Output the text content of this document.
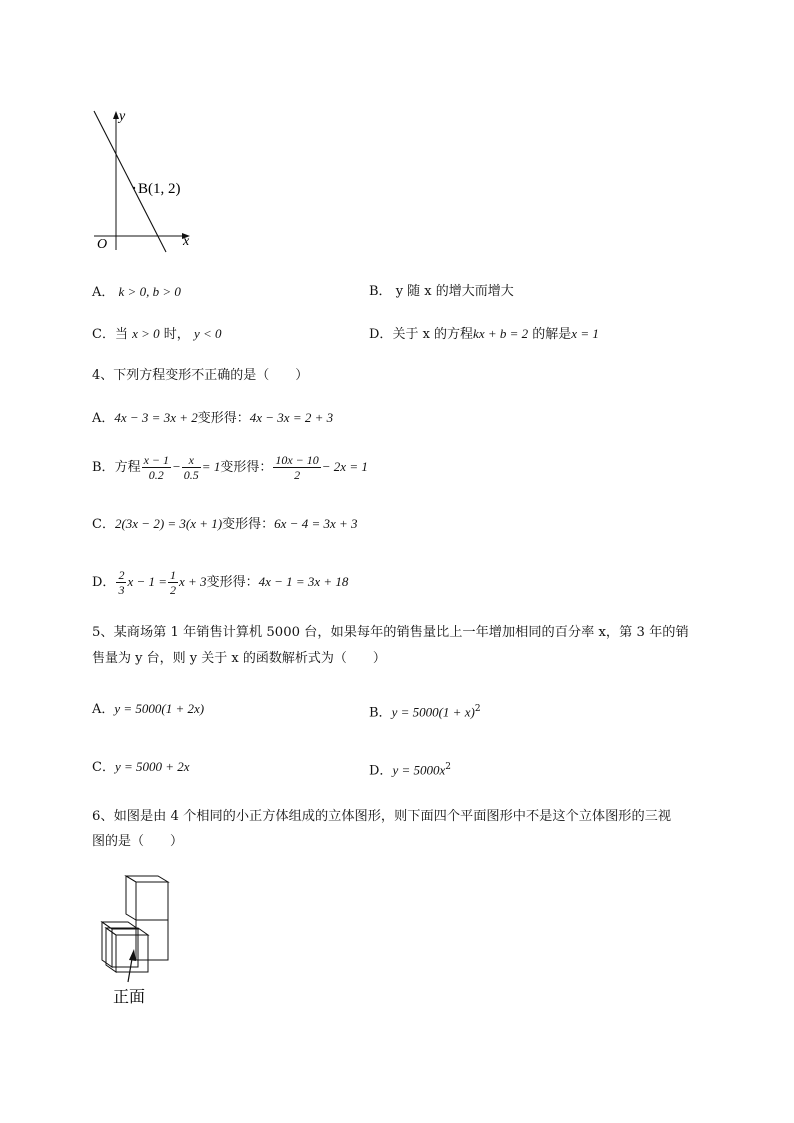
x
y
O
B(1, 2)
A． k > 0, b > 0	B． y 随 x 的增大而增大
C．当 x > 0 时， y < 0	D．关于 x 的方程kx + b = 2 的解是x = 1
4、下列方程变形不正确的是（　　）
A．4x − 3 = 3x + 2变形得：4x − 3x = 2 + 3
B．方程 $\frac{x - 1}{0.2} - \frac{x}{0.5} = 1$变形得： $\frac{10x - 10}{2} - 2x = 1$
C．2(3x − 2) = 3(x + 1)变形得：6x − 4 = 3x + 3
D． $\frac{2}{3}$ $x - 1 = \frac{1}{2}$ x + 3变形得：4x − 1 = 3x + 18
5、某商场第 1 年销售计算机 5000 台，如果每年的销售量比上一年增加相同的百分率 x，第 3 年的销
售量为 y 台，则 y 关于 x 的函数解析式为（　　）
A．y = 5000(1 + 2x)	B．$y = 5000(1 + x)^2$
C．y = 5000 + 2x	D．$y = 5000x^2$
6、如图是由 4 个相同的小正方体组成的立体图形，则下面四个平面图形中不是这个立体图形的三视
图的是（　　）
正面
